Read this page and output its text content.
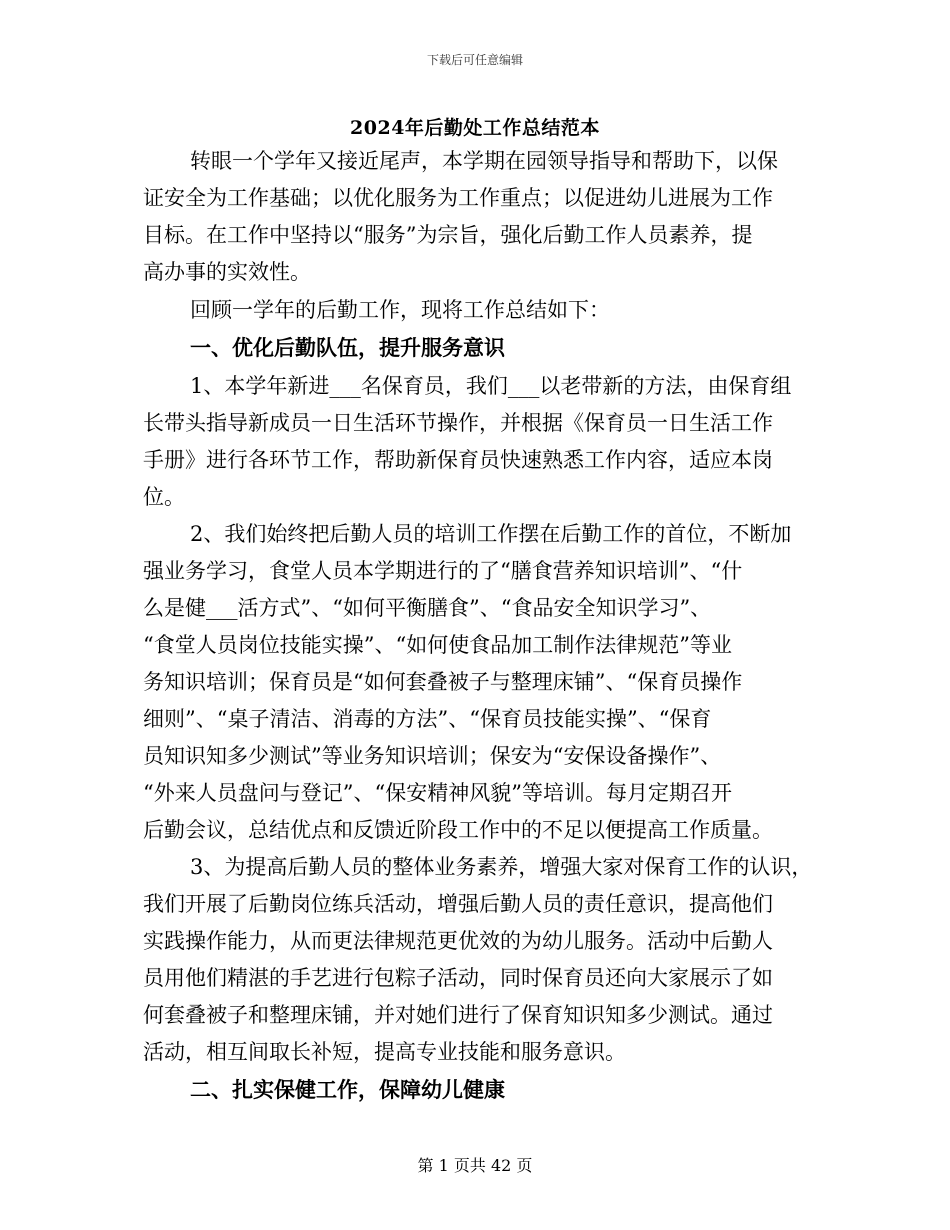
下载后可任意编辑
2024年后勤处工作总结范本
转眼一个学年又接近尾声，本学期在园领导指导和帮助下，以保
证安全为工作基础；以优化服务为工作重点；以促进幼儿进展为工作
目标。在工作中坚持以“服务”为宗旨，强化后勤工作人员素养，提
高办事的实效性。
回顾一学年的后勤工作，现将工作总结如下：
一、优化后勤队伍，提升服务意识
1、本学年新进___名保育员，我们___以老带新的方法，由保育组
长带头指导新成员一日生活环节操作，并根据《保育员一日生活工作
手册》进行各环节工作，帮助新保育员快速熟悉工作内容，适应本岗
位。
2、我们始终把后勤人员的培训工作摆在后勤工作的首位，不断加
强业务学习，食堂人员本学期进行的了“膳食营养知识培训”、“什
么是健___活方式”、“如何平衡膳食”、“食品安全知识学习”、
“食堂人员岗位技能实操”、“如何使食品加工制作法律规范”等业
务知识培训；保育员是“如何套叠被子与整理床铺”、“保育员操作
细则”、“桌子清洁、消毒的方法”、“保育员技能实操”、“保育
员知识知多少测试”等业务知识培训；保安为“安保设备操作”、
“外来人员盘问与登记”、“保安精神风貌”等培训。每月定期召开
后勤会议，总结优点和反馈近阶段工作中的不足以便提高工作质量。
3、为提高后勤人员的整体业务素养，增强大家对保育工作的认识，
我们开展了后勤岗位练兵活动，增强后勤人员的责任意识，提高他们
实践操作能力，从而更法律规范更优效的为幼儿服务。活动中后勤人
员用他们精湛的手艺进行包粽子活动，同时保育员还向大家展示了如
何套叠被子和整理床铺，并对她们进行了保育知识知多少测试。通过
活动，相互间取长补短，提高专业技能和服务意识。
二、扎实保健工作，保障幼儿健康
第 1 页共 42 页
